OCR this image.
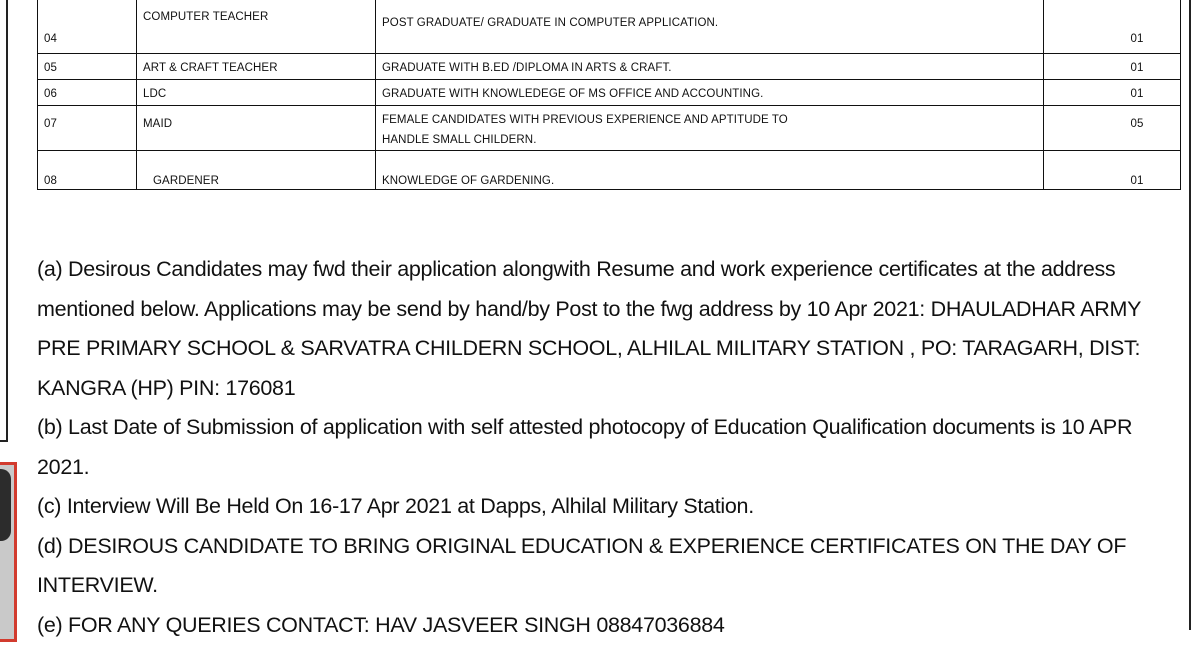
04	COMPUTER TEACHER	POST GRADUATE/ GRADUATE IN COMPUTER APPLICATION.	01

05	ART & CRAFT TEACHER	GRADUATE WITH B.ED /DIPLOMA IN ARTS & CRAFT.	01

06	LDC	GRADUATE WITH KNOWLEDEGE OF MS OFFICE AND ACCOUNTING.	01

07	MAID	FEMALE CANDIDATES WITH PREVIOUS EXPERIENCE AND APTITUDE TO
HANDLE SMALL CHILDERN.	05

08	GARDENER	KNOWLEDGE OF GARDENING.	01

(a) Desirous Candidates may fwd their application alongwith Resume and work experience certificates at the address mentioned below. Applications may be send by hand/by Post to the fwg address by 10 Apr 2021: DHAULADHAR ARMY PRE PRIMARY SCHOOL & SARVATRA CHILDERN SCHOOL, ALHILAL MILITARY STATION , PO: TARAGARH, DIST: KANGRA (HP) PIN: 176081

(b) Last Date of Submission of application with self attested photocopy of Education Qualification documents is 10 APR 2021.

(c) Interview Will Be Held On 16-17 Apr 2021 at Dapps, Alhilal Military Station.

(d) DESIROUS CANDIDATE TO BRING ORIGINAL EDUCATION & EXPERIENCE CERTIFICATES ON THE DAY OF INTERVIEW.

(e) FOR ANY QUERIES CONTACT: HAV JASVEER SINGH 08847036884
